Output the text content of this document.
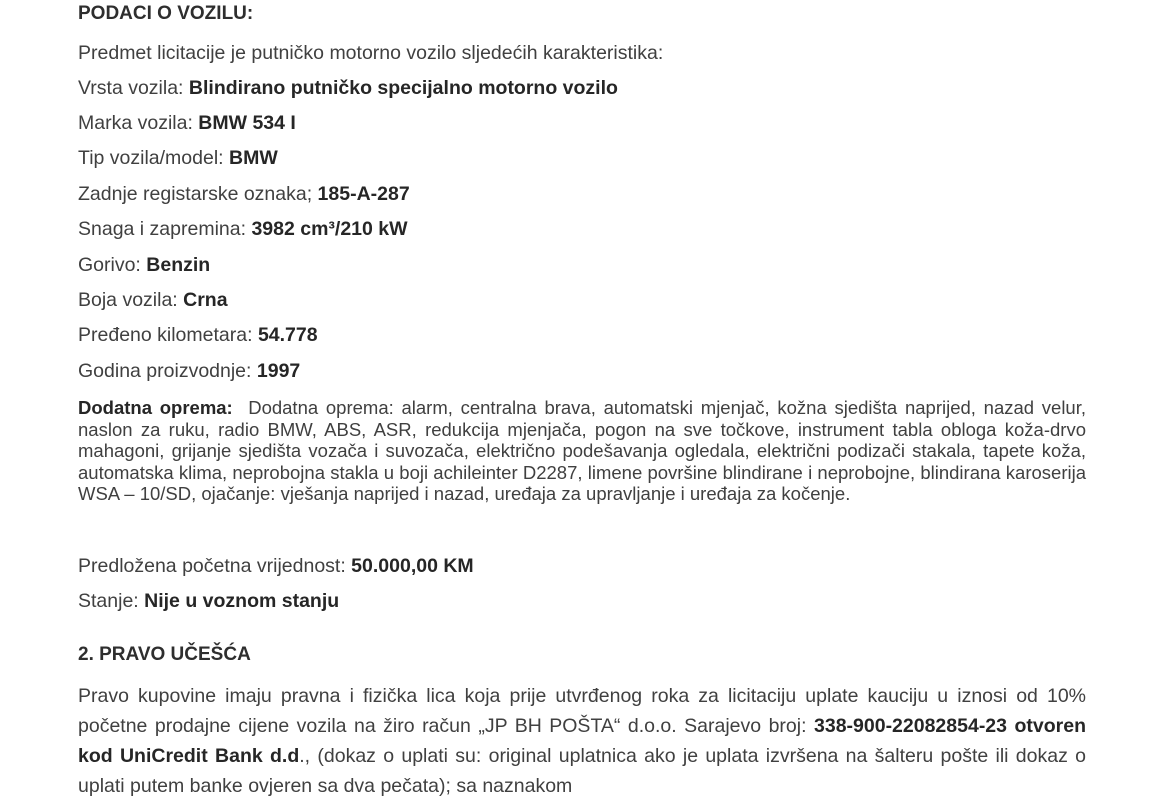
PODACI O VOZILU:
Predmet licitacije je putničko motorno vozilo sljedećih karakteristika:
Vrsta vozila: Blindirano putničko specijalno motorno vozilo
Marka vozila: BMW 534 I
Tip vozila/model: BMW
Zadnje registarske oznaka; 185-A-287
Snaga i zapremina: 3982 cm³/210 kW
Gorivo: Benzin
Boja vozila: Crna
Pređeno kilometara: 54.778
Godina proizvodnje: 1997
Dodatna oprema: Dodatna oprema: alarm, centralna brava, automatski mjenjač, kožna sjedišta naprijed, nazad velur, naslon za ruku, radio BMW, ABS, ASR, redukcija mjenjača, pogon na sve točkove, instrument tabla obloga koža-drvo mahagoni, grijanje sjedišta vozača i suvozača, električno podešavanja ogledala, električni podizači stakala, tapete koža, automatska klima, neprobojna stakla u boji achileinter D2287, limene površine blindirane i neprobojne, blindirana karoserija WSA – 10/SD, ojačanje: vješanja naprijed i nazad, uređaja za upravljanje i uređaja za kočenje.
Predložena početna vrijednost: 50.000,00 KM
Stanje: Nije u voznom stanju
2. PRAVO UČEŠĆA
Pravo kupovine imaju pravna i fizička lica koja prije utvrđenog roka za licitaciju uplate kauciju u iznosi od 10% početne prodajne cijene vozila na žiro račun „JP BH POŠTA“ d.o.o. Sarajevo broj: 338-900-22082854-23 otvoren kod UniCredit Bank d.d., (dokaz o uplati su: original uplatnica ako je uplata izvršena na šalteru pošte ili dokaz o uplati putem banke ovjeren sa dva pečata); sa naznakom
